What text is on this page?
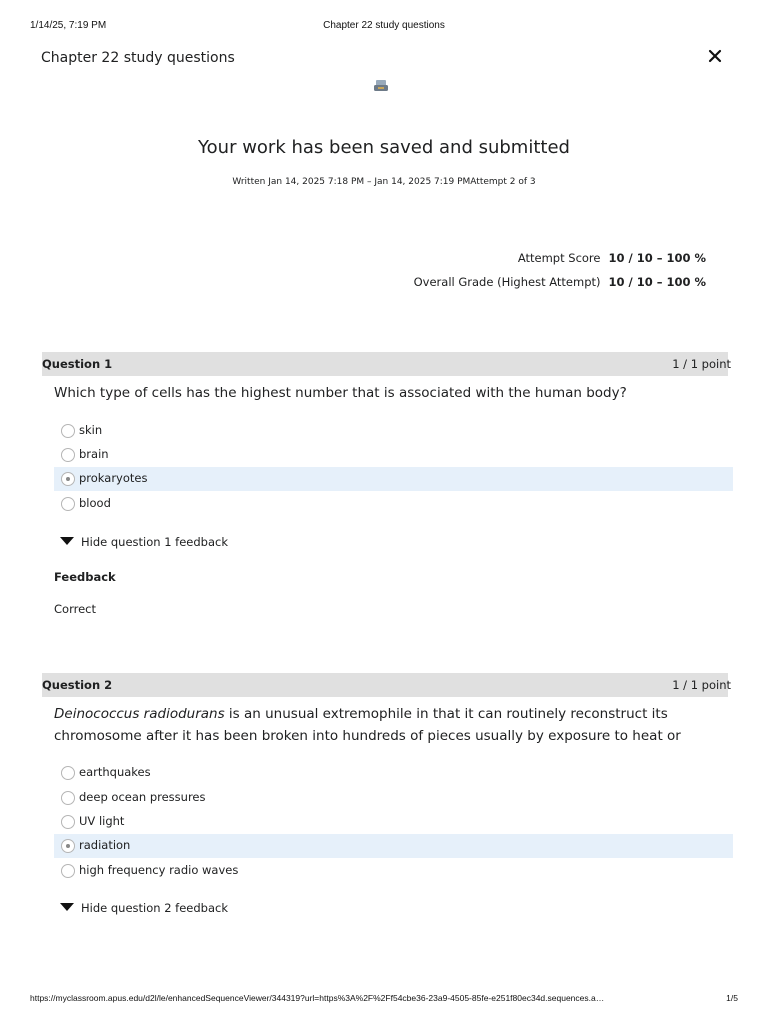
1/14/25, 7:19 PM	Chapter 22 study questions
Chapter 22 study questions
Your work has been saved and submitted
Written Jan 14, 2025 7:18 PM – Jan 14, 2025 7:19 PMAttempt 2 of 3
Attempt Score 10 / 10 – 100 %
Overall Grade (Highest Attempt) 10 / 10 – 100 %
Question 1	1 / 1 point
Which type of cells has the highest number that is associated with the human body?
skin
brain
prokaryotes
blood
Hide question 1 feedback
Feedback
Correct
Question 2	1 / 1 point
Deinococcus radiodurans is an unusual extremophile in that it can routinely reconstruct its chromosome after it has been broken into hundreds of pieces usually by exposure to heat or
earthquakes
deep ocean pressures
UV light
radiation
high frequency radio waves
Hide question 2 feedback
https://myclassroom.apus.edu/d2l/le/enhancedSequenceViewer/344319?url=https%3A%2F%2Ff54cbe36-23a9-4505-85fe-e251f80ec34d.sequences.a…	1/5
